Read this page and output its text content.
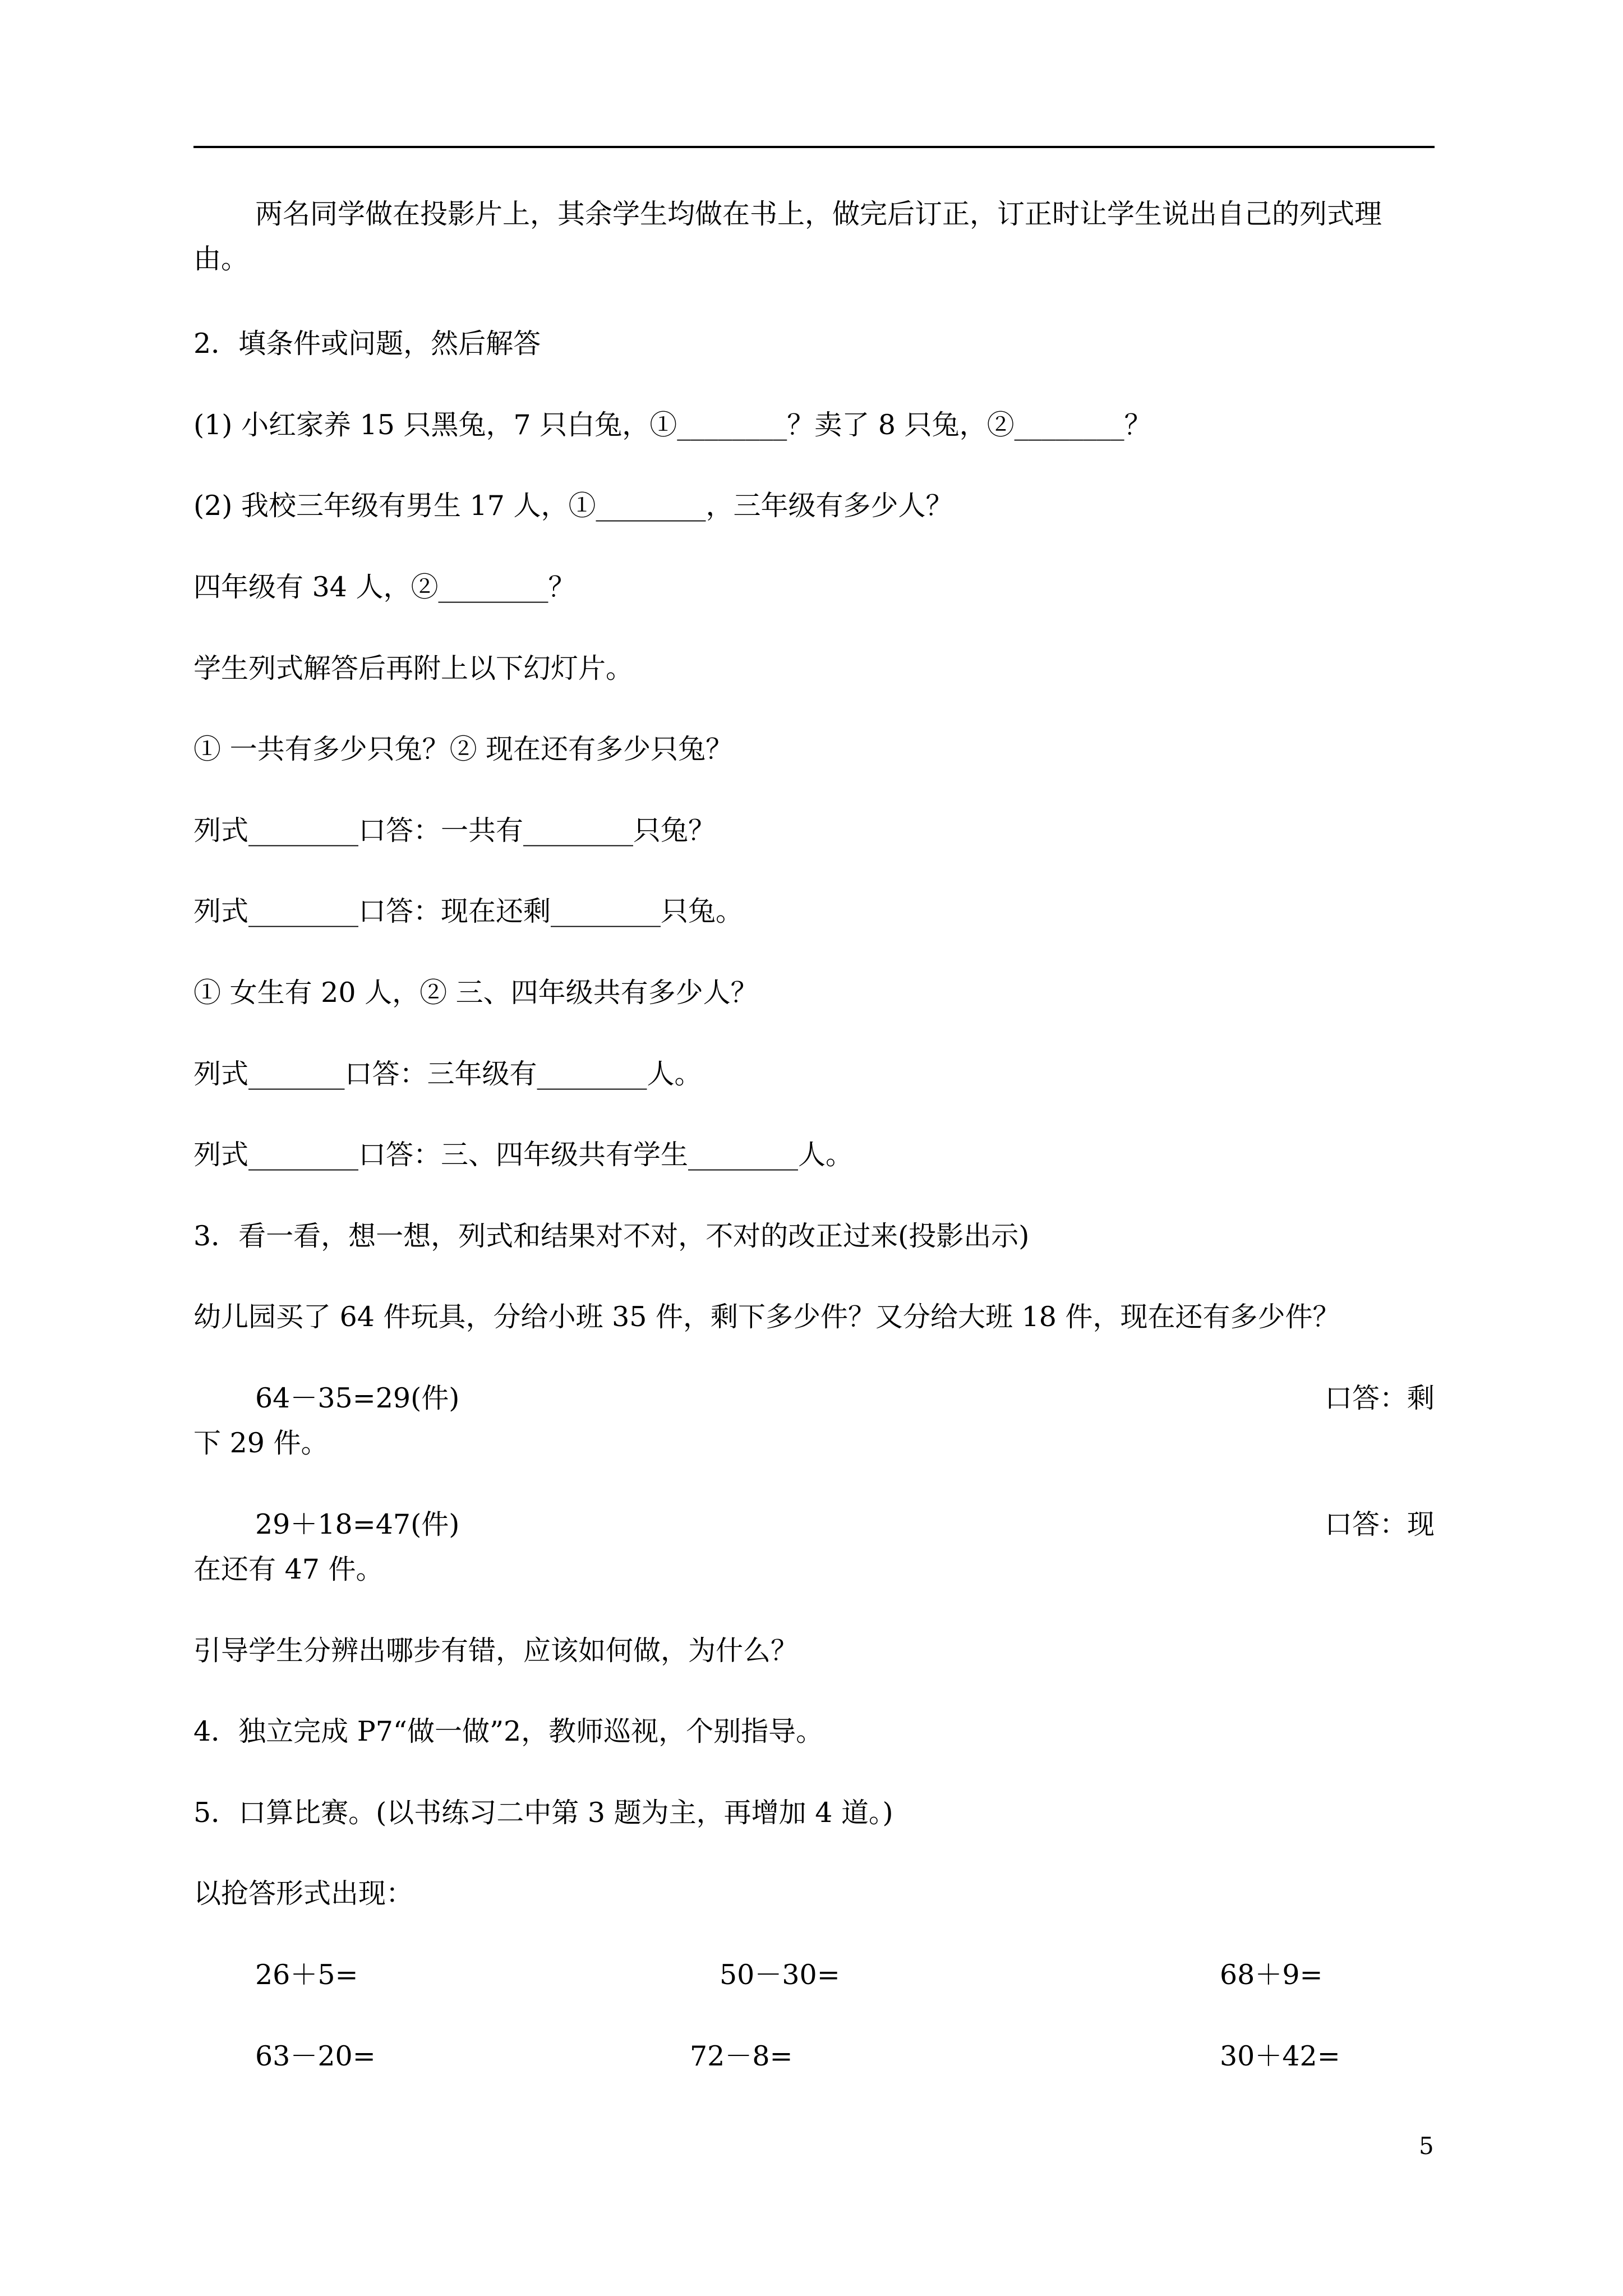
两名同学做在投影片上，其余学生均做在书上，做完后订正，订正时让学生说出自己的列式理
由。
2．填条件或问题，然后解答
(1) 小红家养 15 只黑兔，7 只白兔，①________？卖了 8 只兔，②________？
(2) 我校三年级有男生 17 人，①________，三年级有多少人？
四年级有 34 人，②________？
学生列式解答后再附上以下幻灯片。
① 一共有多少只兔？② 现在还有多少只兔？
列式________口答：一共有________只兔？
列式________口答：现在还剩________只兔。
① 女生有 20 人，② 三、四年级共有多少人？
列式_______口答：三年级有________人。
列式________口答：三、四年级共有学生________人。
3．看一看，想一想，列式和结果对不对，不对的改正过来(投影出示)
幼儿园买了 64 件玩具，分给小班 35 件，剩下多少件？又分给大班 18 件，现在还有多少件？
64－35=29(件)	口答：剩
下 29 件。
29＋18=47(件)	口答：现
在还有 47 件。
引导学生分辨出哪步有错，应该如何做，为什么？
4．独立完成 P7“做一做”2，教师巡视，个别指导。
5．口算比赛。(以书练习二中第 3 题为主，再增加 4 道。)
以抢答形式出现：
26＋5=	50－30=	68＋9=
63－20=	72－8=	30＋42=
5
